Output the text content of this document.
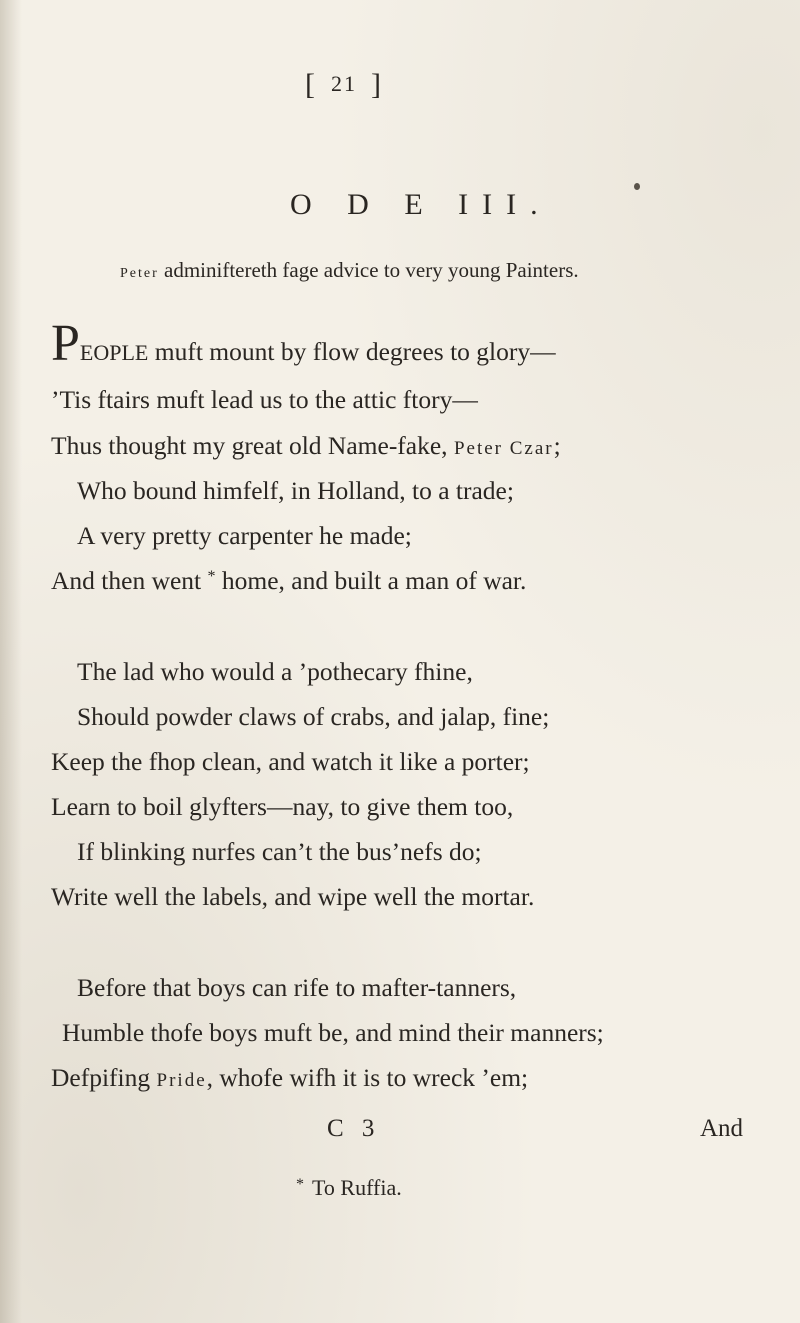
[ 21 ]
O D E III.
Peter adminiftereth fage advice to very young Painters.
PEOPLE muft mount by flow degrees to glory—
’Tis ftairs muft lead us to the attic ftory—
Thus thought my great old Name-fake, Peter Czar;
Who bound himfelf, in Holland, to a trade;
A very pretty carpenter he made;
And then went * home, and built a man of war.
The lad who would a ’pothecary fhine,
Should powder claws of crabs, and jalap, fine;
Keep the fhop clean, and watch it like a porter;
Learn to boil glyfters—nay, to give them too,
If blinking nurfes can’t the bus’nefs do;
Write well the labels, and wipe well the mortar.
Before that boys can rife to mafter-tanners,
Humble thofe boys muft be, and mind their manners;
Defpifing Pride, whofe wifh it is to wreck ’em;
C 3	And
* To Ruffia.
